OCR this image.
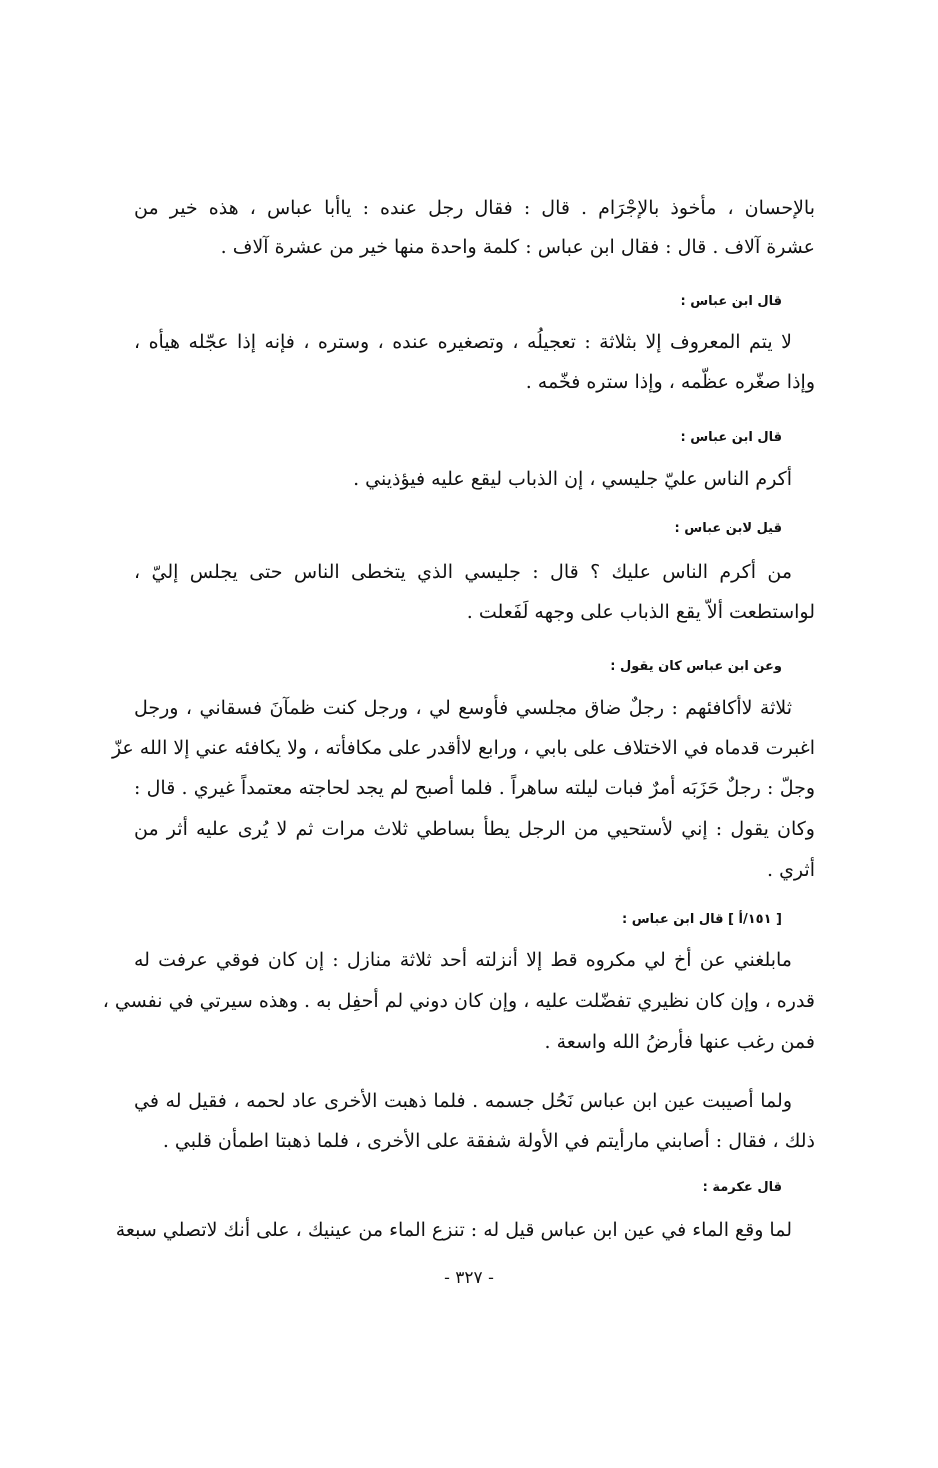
بالإحسان ، مأخوذ بالإجْرَام . قال : فقال رجل عنده : ياأبا عباس ، هذه خير من
عشرة آلاف . قال : فقال ابن عباس : كلمة واحدة منها خير من عشرة آلاف .
قال ابن عباس :
لا يتم المعروف إلا بثلاثة : تعجيلُه ، وتصغيره عنده ، وستره ، فإنه إذا عجّله هيأه ،
وإذا صغّره عظّمه ، وإذا ستره فخّمه .
قال ابن عباس :
أكرم الناس عليّ جليسي ، إن الذباب ليقع عليه فيؤذيني .
قيل لابن عباس :
من أكرم الناس عليك ؟ قال : جليسي الذي يتخطى الناس حتى يجلس إليّ ،
لواستطعت ألاّ يقع الذباب على وجهه لَفَعلت .
وعن ابن عباس كان يقول :
ثلاثة لاأكافئهم : رجلٌ ضاق مجلسي فأوسع لي ، ورجل كنت ظمآنَ فسقاني ، ورجل
اغبرت قدماه في الاختلاف على بابي ، ورابع لاأقدر على مكافأته ، ولا يكافئه عني إلا الله عزّ
وجلّ : رجلٌ حَزَبَه أمرٌ فبات ليلته ساهراً . فلما أصبح لم يجد لحاجته معتمداً غيري . قال :
وكان يقول : إني لأستحيي من الرجل يطأ بساطي ثلاث مرات ثم لا يُرى عليه أثر من
أثري .
[ ١٥١/أ ] قال ابن عباس :
مابلغني عن أخ لي مكروه قط إلا أنزلته أحد ثلاثة منازل : إن كان فوقي عرفت له
قدره ، وإن كان نظيري تفضّلت عليه ، وإن كان دوني لم أحفِل به . وهذه سيرتي في نفسي ،
فمن رغب عنها فأرضُ الله واسعة .
ولما أصيبت عين ابن عباس نَحُل جسمه . فلما ذهبت الأخرى عاد لحمه ، فقيل له في
ذلك ، فقال : أصابني مارأيتم في الأولة شفقة على الأخرى ، فلما ذهبتا اطمأن قلبي .
قال عكرمة :
لما وقع الماء في عين ابن عباس قيل له : تنزع الماء من عينيك ، على أنك لاتصلي سبعة
- ٣٢٧ -
